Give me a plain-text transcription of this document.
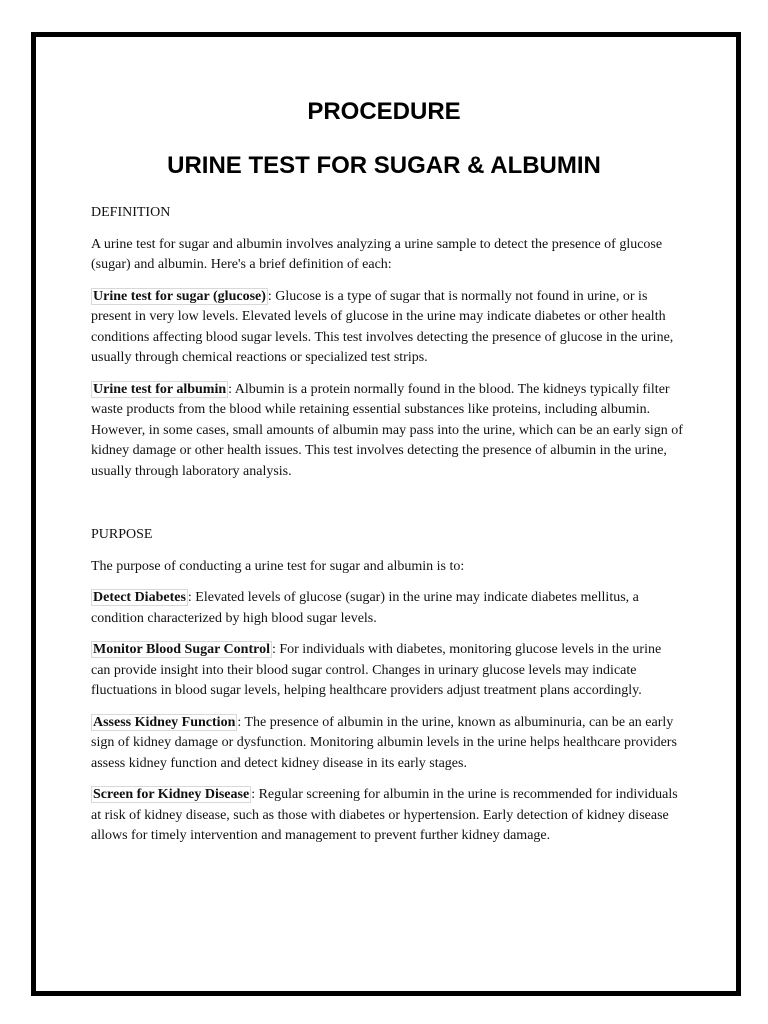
PROCEDURE
URINE TEST FOR SUGAR & ALBUMIN
DEFINITION

A urine test for sugar and albumin involves analyzing a urine sample to detect the presence of glucose (sugar) and albumin. Here's a brief definition of each:

Urine test for sugar (glucose) : Glucose is a type of sugar that is normally not found in urine, or is present in very low levels. Elevated levels of glucose in the urine may indicate diabetes or other health conditions affecting blood sugar levels. This test involves detecting the presence of glucose in the urine, usually through chemical reactions or specialized test strips.

Urine test for albumin : Albumin is a protein normally found in the blood. The kidneys typically filter waste products from the blood while retaining essential substances like proteins, including albumin. However, in some cases, small amounts of albumin may pass into the urine, which can be an early sign of kidney damage or other health issues. This test involves detecting the presence of albumin in the urine, usually through laboratory analysis.

PURPOSE

The purpose of conducting a urine test for sugar and albumin is to:

Detect Diabetes : Elevated levels of glucose (sugar) in the urine may indicate diabetes mellitus, a condition characterized by high blood sugar levels.

Monitor Blood Sugar Control : For individuals with diabetes, monitoring glucose levels in the urine can provide insight into their blood sugar control. Changes in urinary glucose levels may indicate fluctuations in blood sugar levels, helping healthcare providers adjust treatment plans accordingly.

Assess Kidney Function : The presence of albumin in the urine, known as albuminuria, can be an early sign of kidney damage or dysfunction. Monitoring albumin levels in the urine helps healthcare providers assess kidney function and detect kidney disease in its early stages.

Screen for Kidney Disease : Regular screening for albumin in the urine is recommended for individuals at risk of kidney disease, such as those with diabetes or hypertension. Early detection of kidney disease allows for timely intervention and management to prevent further kidney damage.
